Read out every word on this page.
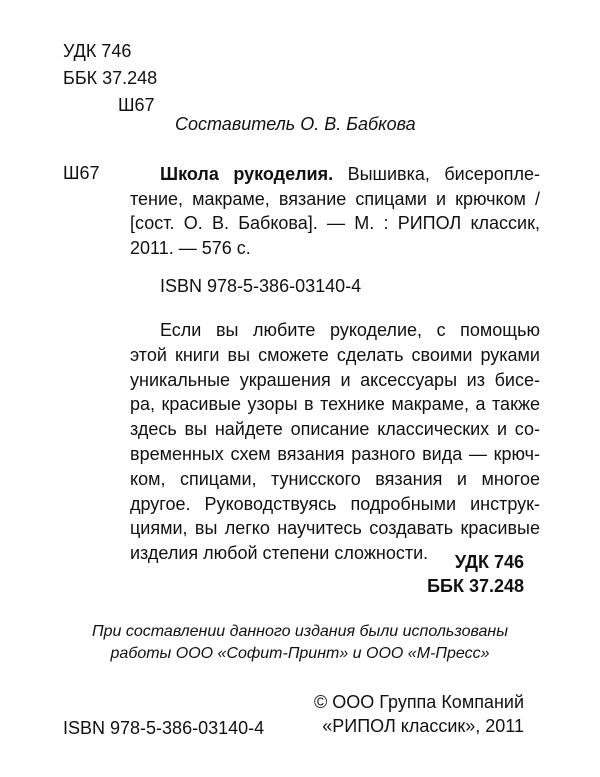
УДК 746
ББК 37.248
Ш67
Составитель О. В. Бабкова
Ш67	Школа рукоделия. Вышивка, бисеропле-
тение, макраме, вязание спицами и крючком /
[сост. О. В. Бабкова]. — М. : РИПОЛ классик,
2011. — 576 с.
ISBN 978-5-386-03140-4
Если вы любите рукоделие, с помощью
этой книги вы сможете сделать своими руками
уникальные украшения и аксессуары из бисе-
ра, красивые узоры в технике макраме, а также
здесь вы найдете описание классических и со-
временных схем вязания разного вида — крюч-
ком, спицами, тунисского вязания и многое
другое. Руководствуясь подробными инструк-
циями, вы легко научитесь создавать красивые
изделия любой степени сложности.	УДК 746
ББК 37.248
При составлении данного издания были использованы
работы ООО «Софит-Принт» и ООО «М-Пресс»
ISBN 978-5-386-03140-4
© ООО Группа Компаний
«РИПОЛ классик», 2011
